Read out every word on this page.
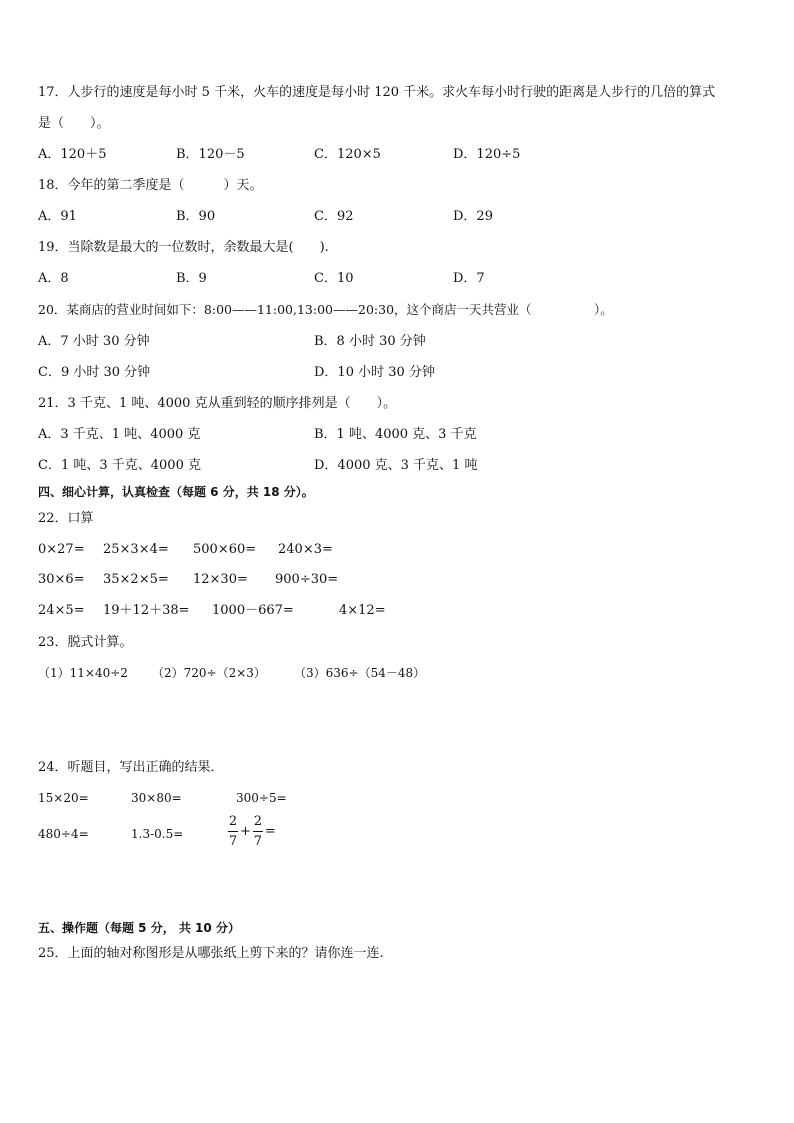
17．人步行的速度是每小时 5 千米，火车的速度是每小时 120 千米。求火车每小时行驶的距离是人步行的几倍的算式
是（　　）。
A．120＋5	B．120－5	C．120×5	D．120÷5
18．今年的第二季度是（　　　）天。
A．91	B．90	C．92	D．29
19．当除数是最大的一位数时，余数最大是(　　).
A．8	B．9	C．10	D．7
20．某商店的营业时间如下：8:00——11:00,13:00——20:30，这个商店一天共营业（　　　　　）。
A．7 小时 30 分钟	B．8 小时 30 分钟
C．9 小时 30 分钟	D．10 小时 30 分钟
21．3 千克、1 吨、4000 克从重到轻的顺序排列是（　　）。
A．3 千克、1 吨、4000 克	B．1 吨、4000 克、3 千克
C．1 吨、3 千克、4000 克	D．4000 克、3 千克、1 吨
四、细心计算，认真检查（每题 6 分，共 18 分）。
22．口算
0×27= 25×3×4= 500×60= 240×3=
30×6= 35×2×5= 12×30= 900÷30=
24×5= 19＋12＋38= 1000－667=	4×12=
23．脱式计算。
（1）11×40÷2 （2）720÷（2×3） （3）636÷（54－48）
24．听题目，写出正确的结果．
15×20=	30×80=	300÷5=
480÷4=	1.3-0.5=
2
7
+
2
7
=
五、操作题（每题 5 分， 共 10 分）
25．上面的轴对称图形是从哪张纸上剪下来的？请你连一连.
